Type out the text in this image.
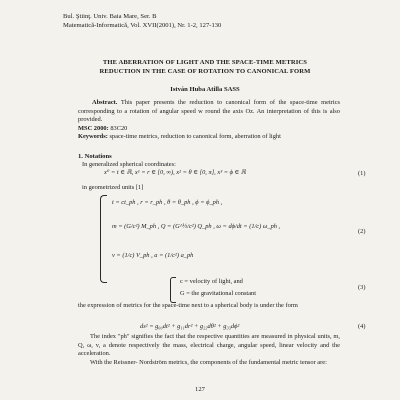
Bul. Ştiinţ. Univ. Baia Mare, Ser. B
Matematică-Informatică, Vol. XVII(2001), Nr. 1-2, 127-130
THE ABERRATION OF LIGHT AND THE SPACE-TIME METRICS
REDUCTION IN THE CASE OF ROTATION TO CANONICAL FORM
István Huba Atilla SASS
Abstract. This paper presents the reduction to canonical form of the space-time metrics corresponding to a rotation of angular speed w round the axis Oz. An interpretation of this is also provided.
MSC 2000: 83C20
Keywords: space-time metrics, reduction to canonical form, aberration of light
1. Notations
In generalized spherical coordinates:
x⁰ = t ∈ ℝ, x¹ = r ∈ [0, ∞), x² = θ ∈ [0, π], x³ = ϕ ∈ ℝ	(1)
in geometrized units [1]
t = ct_ph , r = r_ph , θ = θ_ph , ϕ = ϕ_ph ,
m = (G/c²) M_ph , Q = (G^½/c²) Q_ph , ω = dϕ/dt = (1/c) ω_ph ,
(2)
v = (1/c) V_ph , a = (1/c²) a_ph
c = velocity of light, and
G = the gravitational constant
(3)
the expression of metrics for the space-time next to a spherical body is under the form
ds² = g₀₀dt² + g₁₁dr² + g₂₂dθ² + g₃₃dϕ²	(4)
The index "ph" signifies the fact that the respective quantities are measured in physical units, m, Q, ω, v, a denote respectively the mass, electrical charge, angular speed, linear velocity and the acceleration.
With the Reissner- Nordström metrics, the components of the fundamental metric tensor are:
127
